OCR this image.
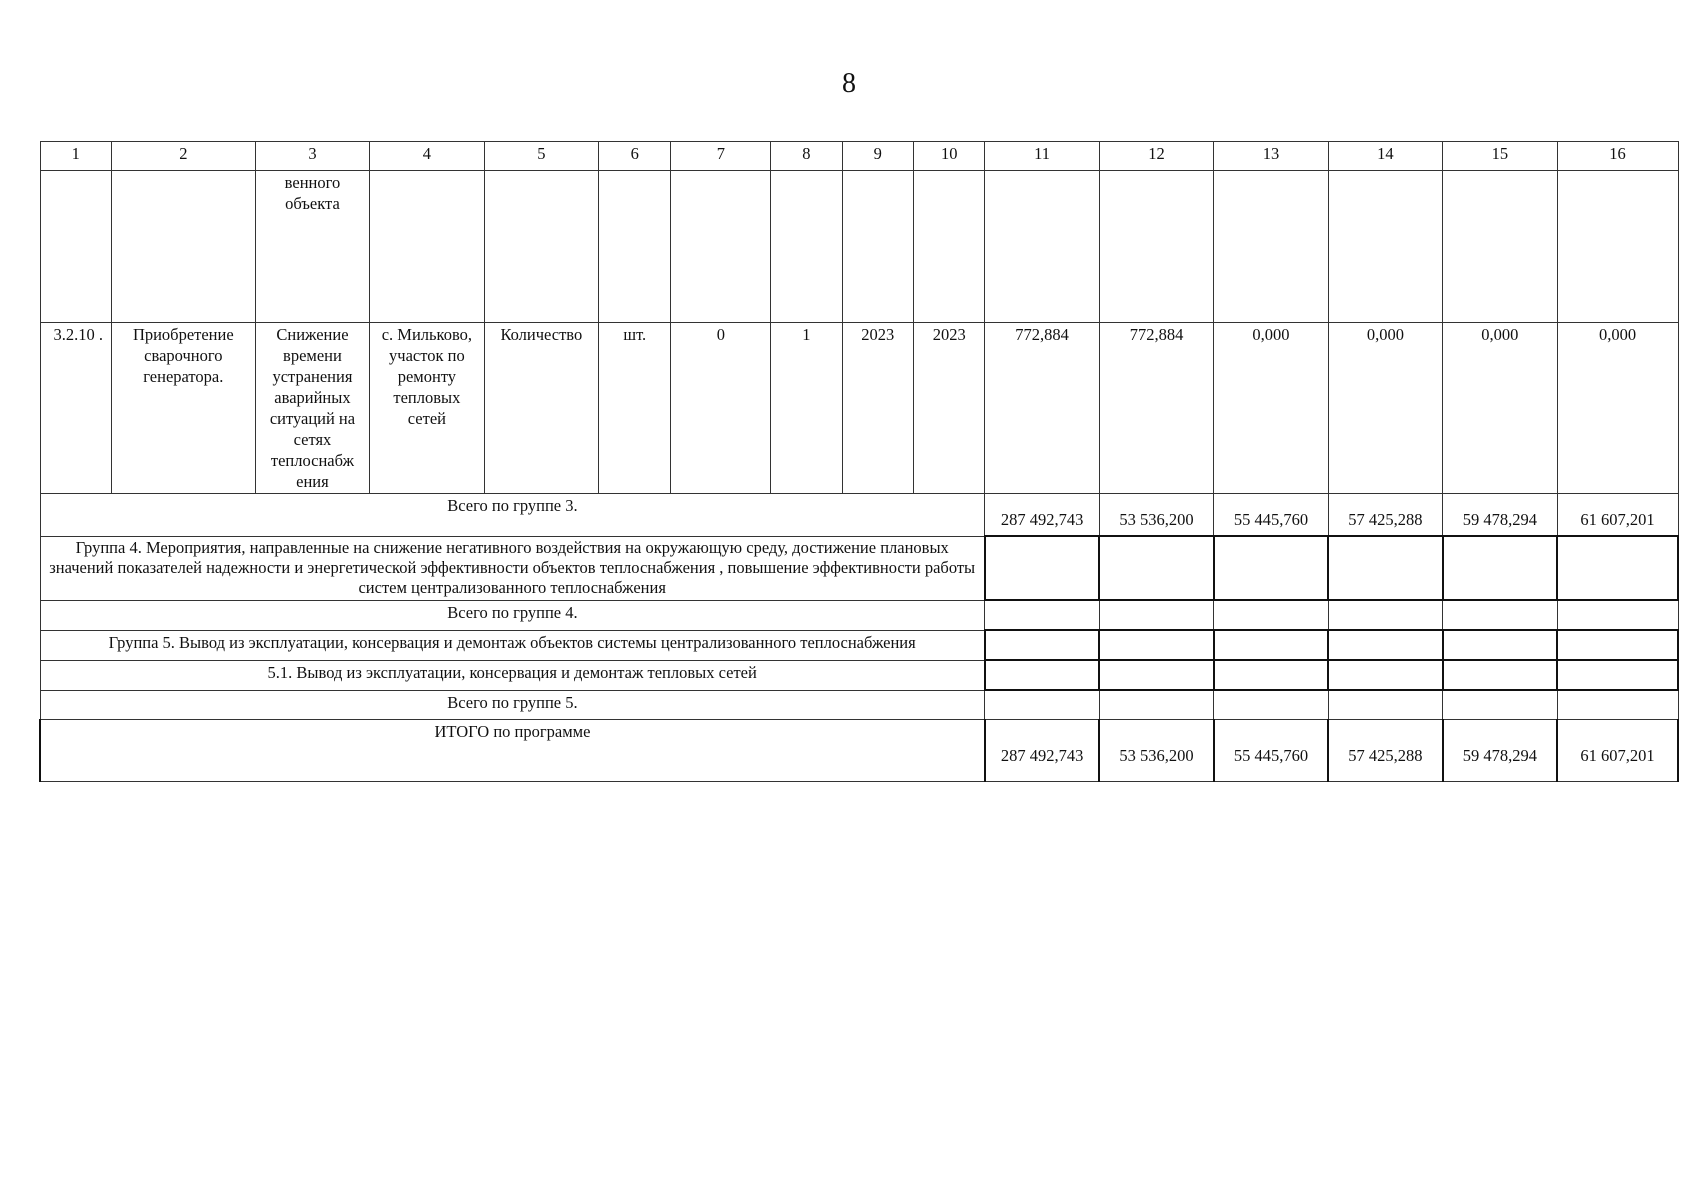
8
1	2	3	4	5	6	7	8	9	10	11	12	13	14	15	16
		венного объекта													
3.2.10 .	Приобретение сварочного генератора.	Снижение времени устранения аварийных ситуаций на сетях теплоснабж ения	с. Мильково, участок по ремонту тепловых сетей	Количество	шт.	0	1	2023	2023	772,884	772,884	0,000	0,000	0,000	0,000
Всего по группе 3.										287 492,743	53 536,200	55 445,760	57 425,288	59 478,294	61 607,201
Группа 4. Мероприятия, направленные на снижение негативного воздействия на окружающую среду, достижение плановых значений показателей надежности и энергетической эффективности объектов теплоснабжения , повышение эффективности работы систем централизованного теплоснабжения															
Всего по группе 4.															
Группа 5. Вывод из эксплуатации, консервация и демонтаж объектов системы централизованного теплоснабжения															
5.1. Вывод из эксплуатации, консервация и демонтаж тепловых сетей															
Всего по группе 5.															
ИТОГО по программе										287 492,743	53 536,200	55 445,760	57 425,288	59 478,294	61 607,201
